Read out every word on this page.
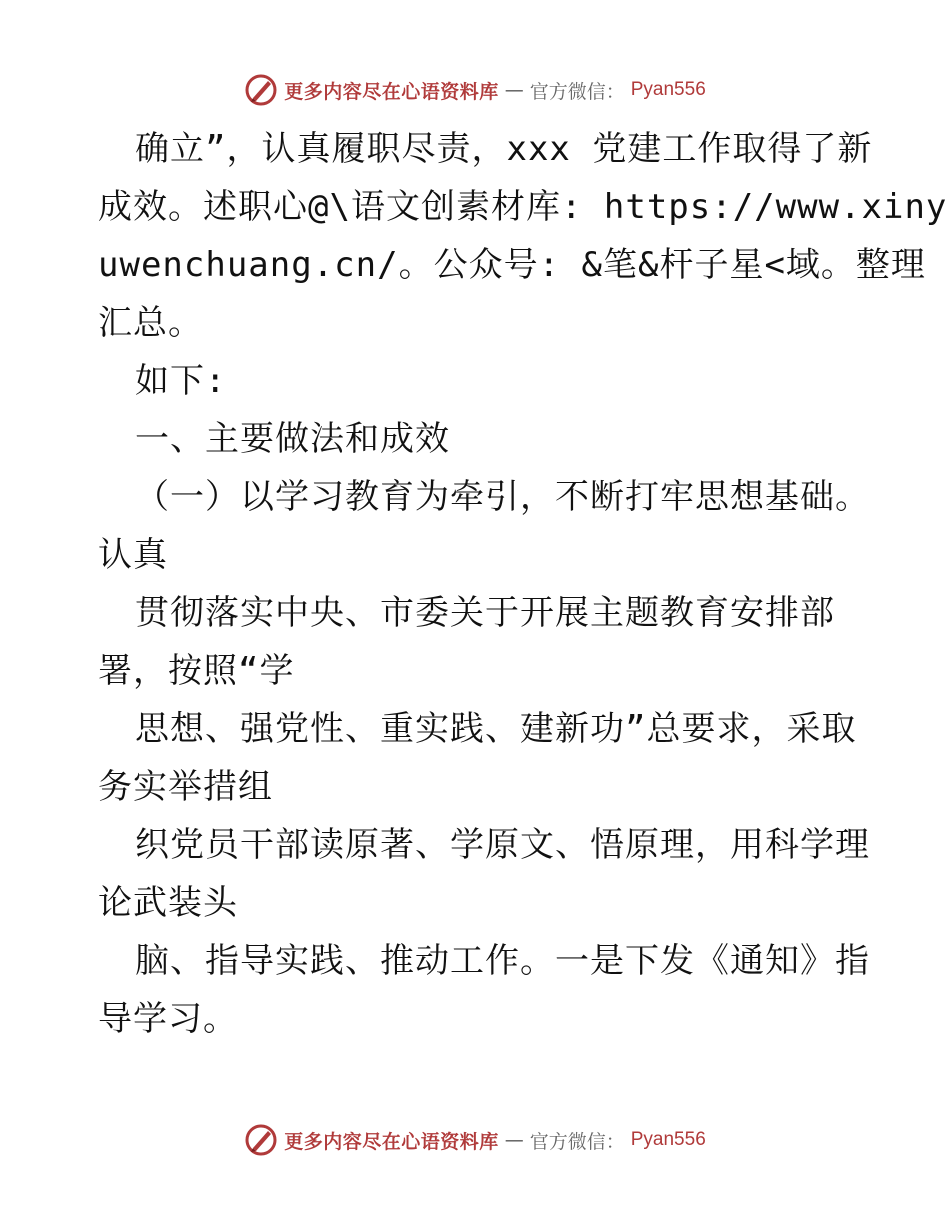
更多内容尽在心语资料库 — 官方微信： Pyan556
确立”，认真履职尽责，xxx 党建工作取得了新
成效。述职心@\语文创素材库: https://www.xiny
uwenchuang.cn/。公众号: &笔&杆子星<域。整理
汇总。
如下:
一、主要做法和成效
（一）以学习教育为牵引，不断打牢思想基础。
认真
贯彻落实中央、市委关于开展主题教育安排部
署，按照“学
思想、强党性、重实践、建新功”总要求，采取
务实举措组
织党员干部读原著、学原文、悟原理，用科学理
论武装头
脑、指导实践、推动工作。一是下发《通知》指
导学习。
更多内容尽在心语资料库 — 官方微信： Pyan556
